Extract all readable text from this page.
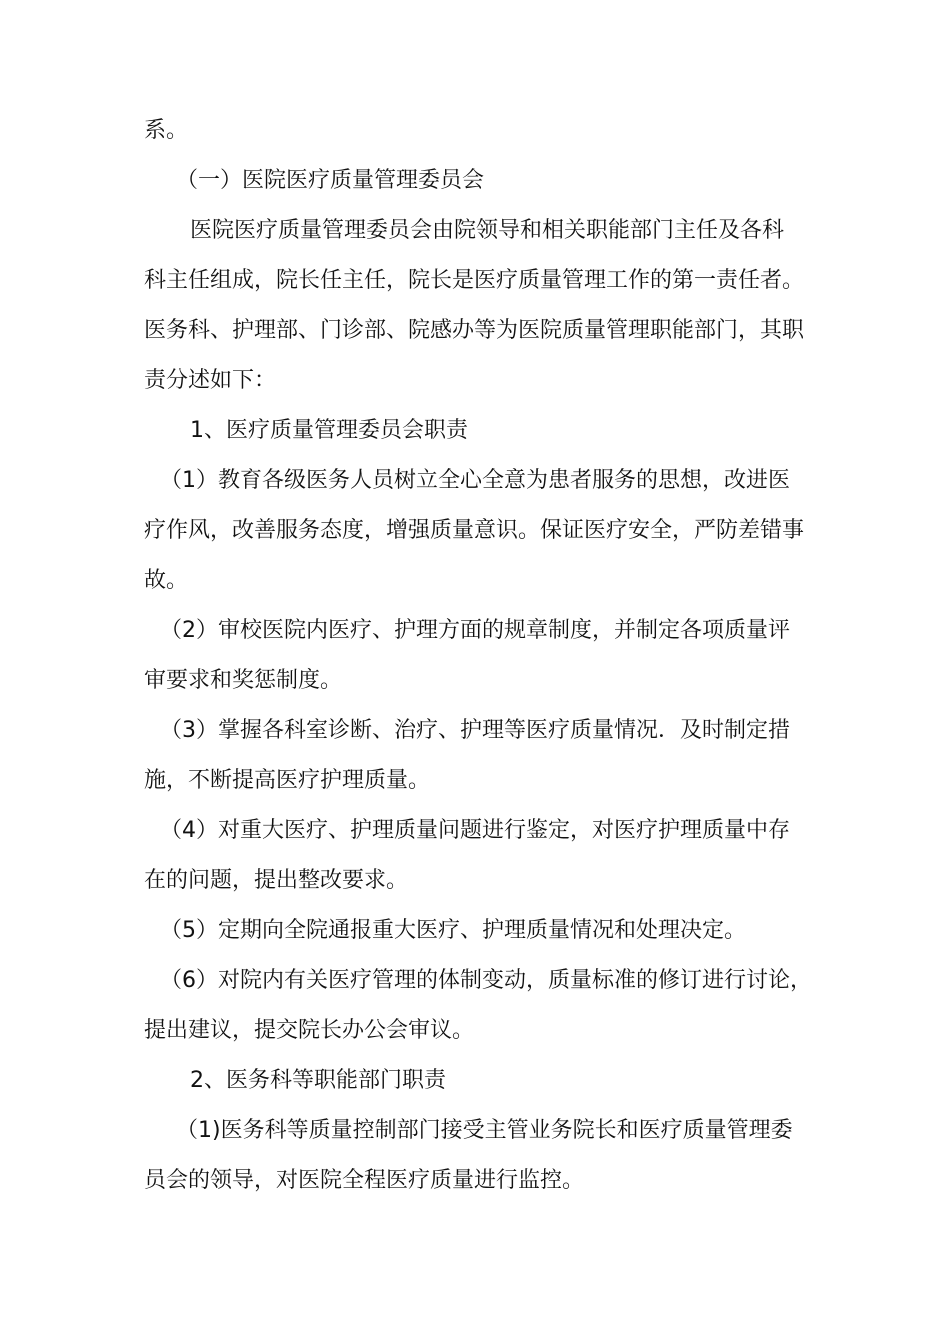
系。
（一）医院医疗质量管理委员会
医院医疗质量管理委员会由院领导和相关职能部门主任及各科
科主任组成，院长任主任，院长是医疗质量管理工作的第一责任者。
医务科、护理部、门诊部、院感办等为医院质量管理职能部门，其职
责分述如下：
1、医疗质量管理委员会职责
（1）教育各级医务人员树立全心全意为患者服务的思想，改进医
疗作风，改善服务态度，增强质量意识。保证医疗安全，严防差错事
故。
（2）审校医院内医疗、护理方面的规章制度，并制定各项质量评
审要求和奖惩制度。
（3）掌握各科室诊断、治疗、护理等医疗质量情况．及时制定措
施，不断提高医疗护理质量。
（4）对重大医疗、护理质量问题进行鉴定，对医疗护理质量中存
在的问题，提出整改要求。
（5）定期向全院通报重大医疗、护理质量情况和处理决定。
（6）对院内有关医疗管理的体制变动，质量标准的修订进行讨论，
提出建议，提交院长办公会审议。
2、医务科等职能部门职责
（1)医务科等质量控制部门接受主管业务院长和医疗质量管理委
员会的领导，对医院全程医疗质量进行监控。
